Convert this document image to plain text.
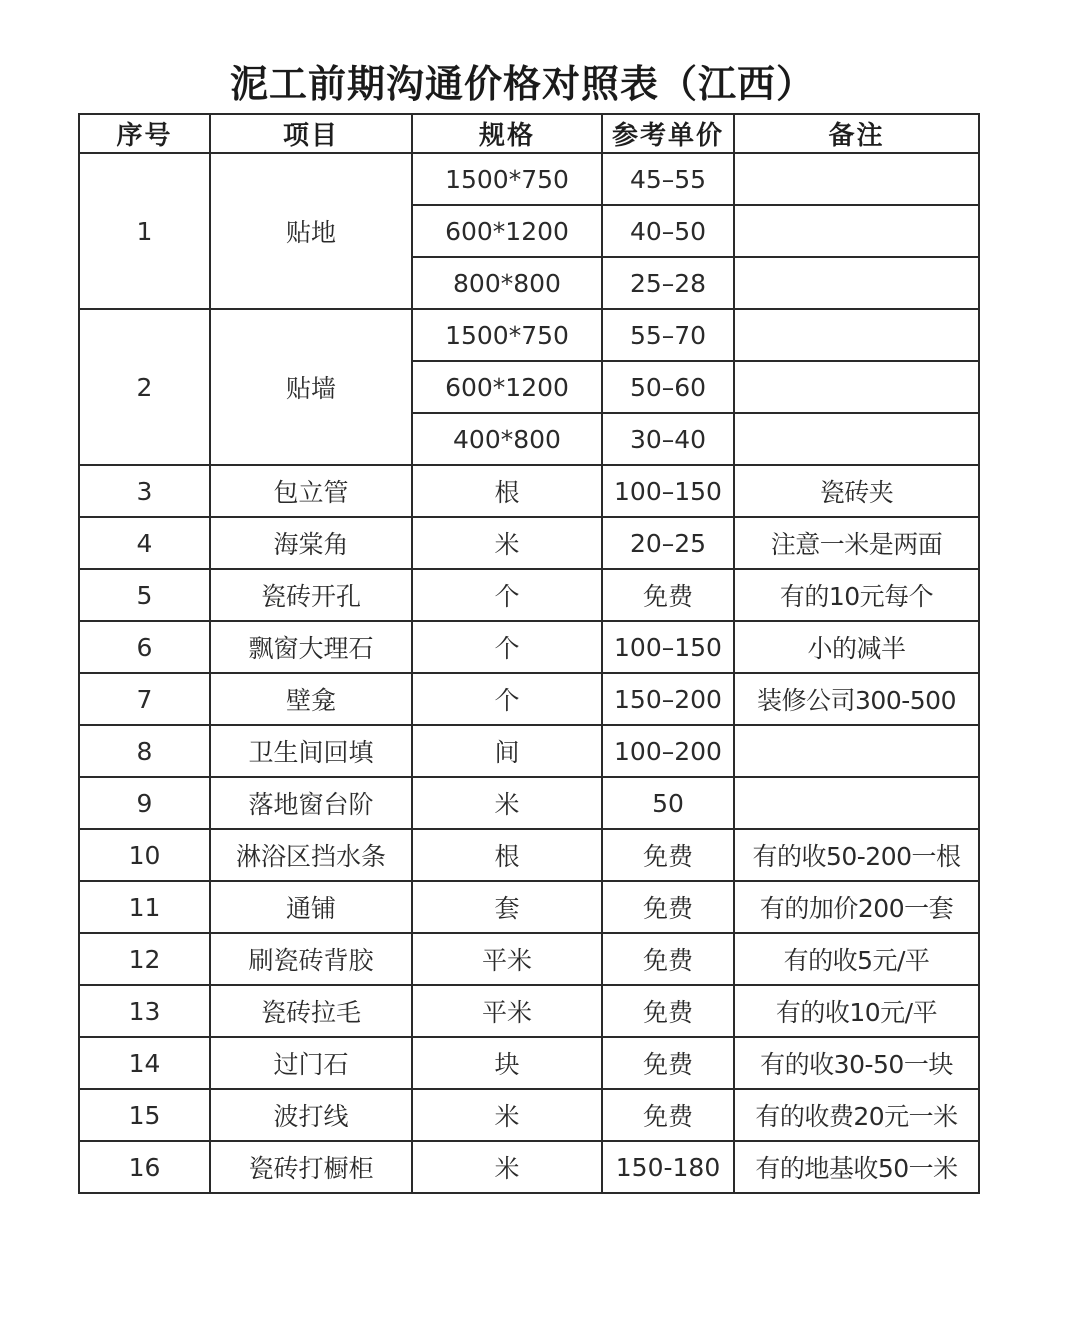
泥工前期沟通价格对照表（江西）
序号	项目	规格	参考单价	备注
1	贴地	1500*750	45–55	
		600*1200	40–50	
		800*800	25–28	
2	贴墙	1500*750	55–70	
		600*1200	50–60	
		400*800	30–40	
3	包立管	根	100–150	瓷砖夹
4	海棠角	米	20–25	注意一米是两面
5	瓷砖开孔	个	免费	有的10元每个
6	飘窗大理石	个	100–150	小的减半
7	壁龛	个	150–200	装修公司300-500
8	卫生间回填	间	100–200	
9	落地窗台阶	米	50	
10	淋浴区挡水条	根	免费	有的收50-200一根
11	通铺	套	免费	有的加价200一套
12	刷瓷砖背胶	平米	免费	有的收5元/平
13	瓷砖拉毛	平米	免费	有的收10元/平
14	过门石	块	免费	有的收30-50一块
15	波打线	米	免费	有的收费20元一米
16	瓷砖打橱柜	米	150-180	有的地基收50一米
